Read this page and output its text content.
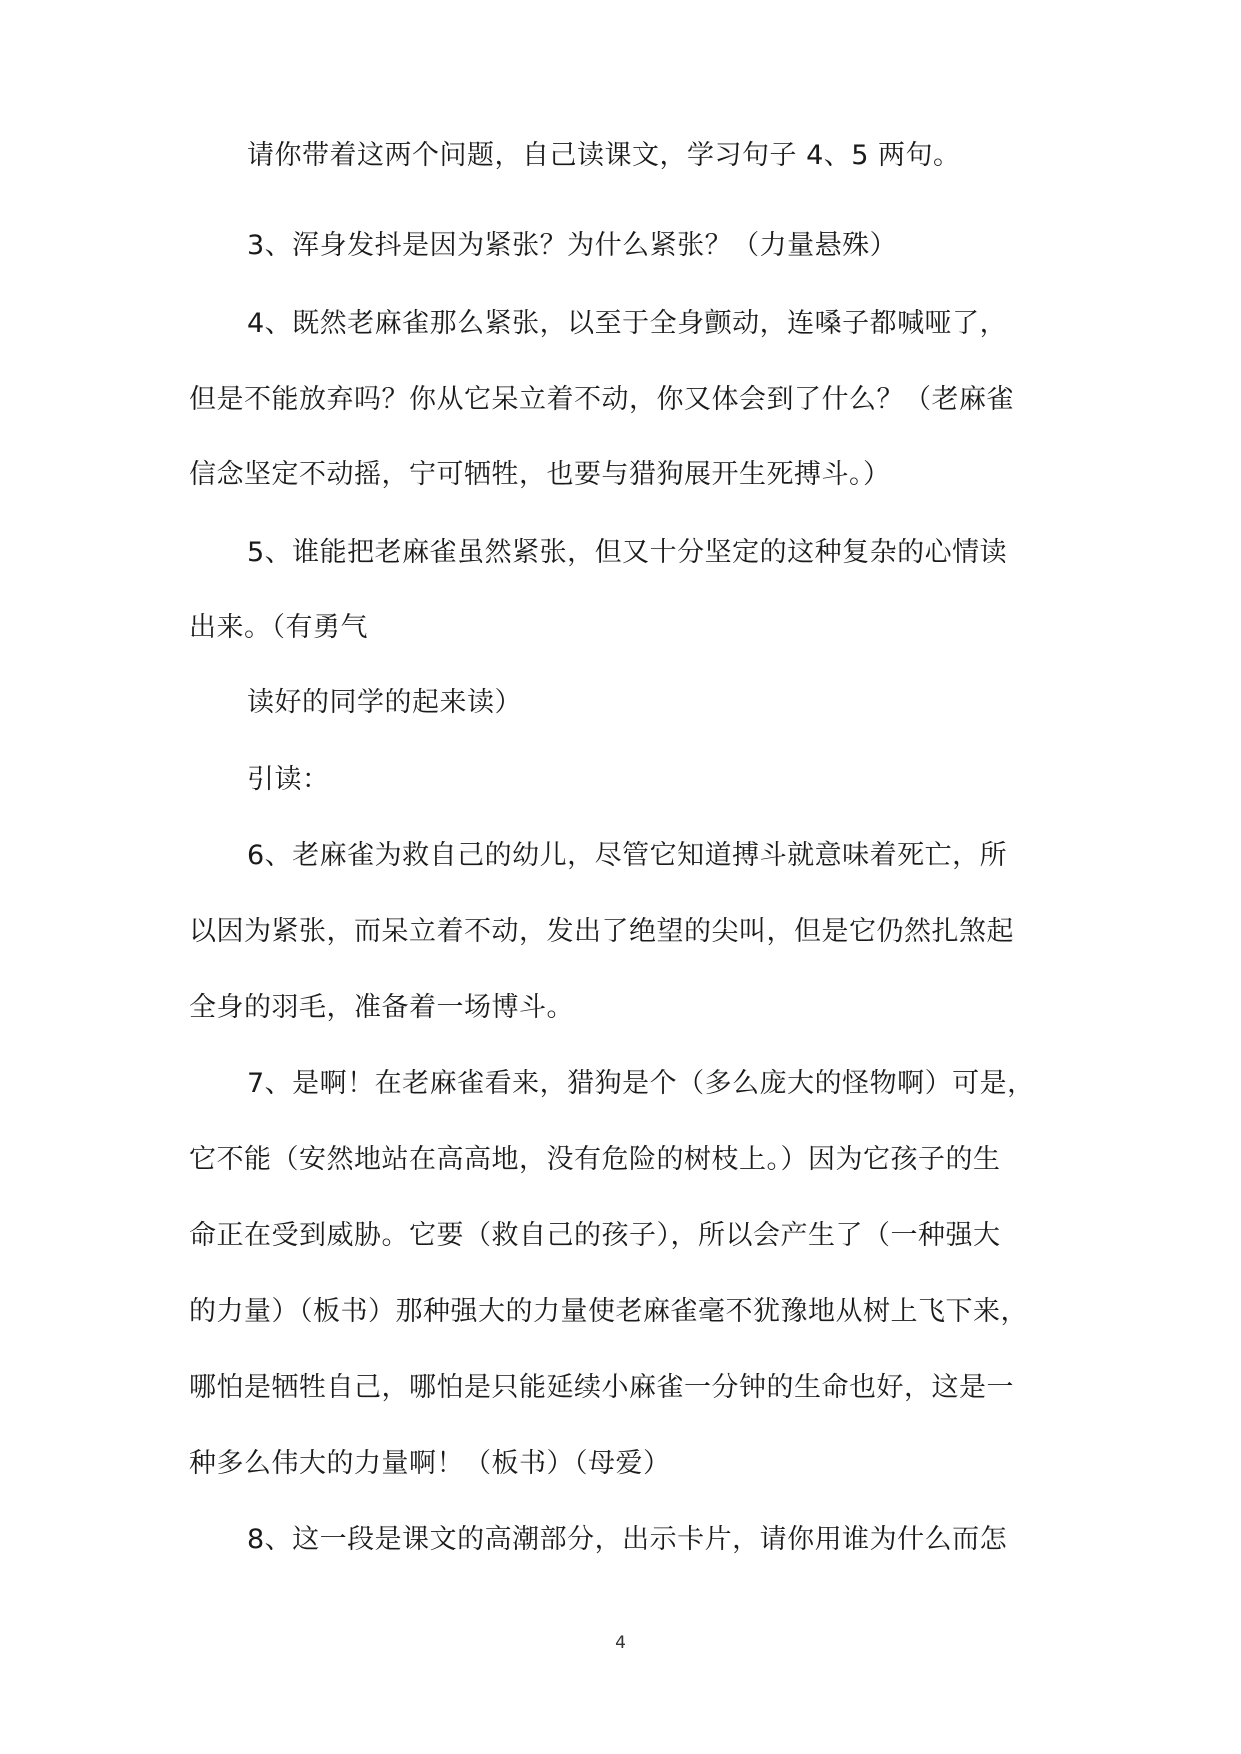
请你带着这两个问题，自己读课文，学习句子 4、5 两句。
3、浑身发抖是因为紧张？为什么紧张？（力量悬殊）
4、既然老麻雀那么紧张，以至于全身颤动，连嗓子都喊哑了，
但是不能放弃吗？你从它呆立着不动，你又体会到了什么？（老麻雀
信念坚定不动摇，宁可牺牲，也要与猎狗展开生死搏斗。）
5、谁能把老麻雀虽然紧张，但又十分坚定的这种复杂的心情读
出来。（有勇气
读好的同学的起来读）
引读：
6、老麻雀为救自己的幼儿，尽管它知道搏斗就意味着死亡，所
以因为紧张，而呆立着不动，发出了绝望的尖叫，但是它仍然扎煞起
全身的羽毛，准备着一场博斗。
7、是啊！在老麻雀看来，猎狗是个（多么庞大的怪物啊）可是，
它不能（安然地站在高高地，没有危险的树枝上。）因为它孩子的生
命正在受到威胁。它要（救自己的孩子），所以会产生了（一种强大
的力量）（板书）那种强大的力量使老麻雀毫不犹豫地从树上飞下来，
哪怕是牺牲自己，哪怕是只能延续小麻雀一分钟的生命也好，这是一
种多么伟大的力量啊！（板书）（母爱）
8、这一段是课文的高潮部分，出示卡片，请你用谁为什么而怎
4
